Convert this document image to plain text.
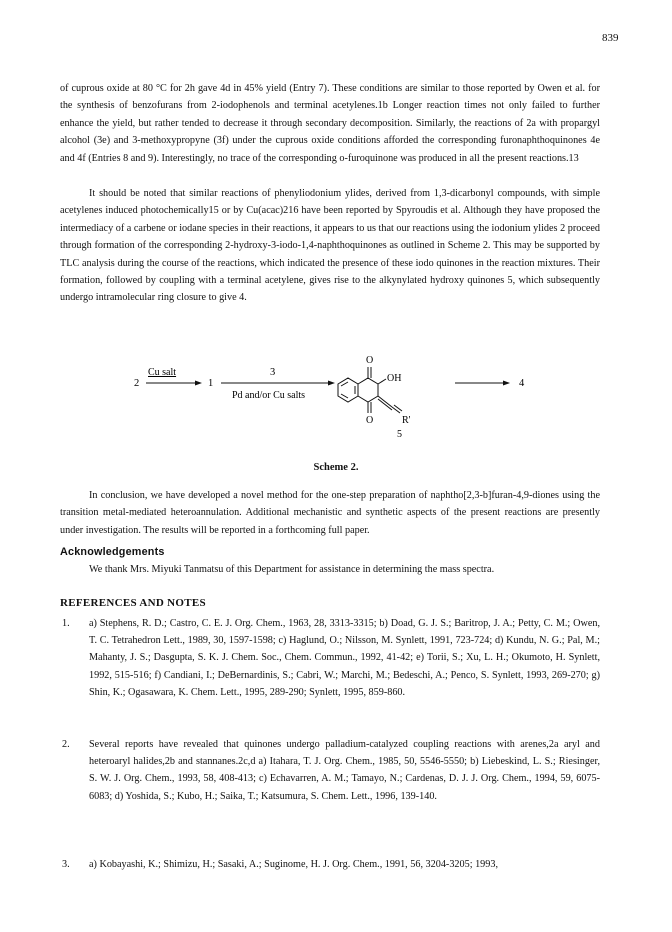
839
of cuprous oxide at 80 °C for 2h gave 4d in 45% yield (Entry 7). These conditions are similar to those reported by Owen et al. for the synthesis of benzofurans from 2-iodophenols and terminal acetylenes.1b Longer reaction times not only failed to further enhance the yield, but rather tended to decrease it through secondary decomposition. Similarly, the reactions of 2a with propargyl alcohol (3e) and 3-methoxypropyne (3f) under the cuprous oxide conditions afforded the corresponding furonaphthoquinones 4e and 4f (Entries 8 and 9). Interestingly, no trace of the corresponding o-furoquinone was produced in all the present reactions.13
It should be noted that similar reactions of phenyliodonium ylides, derived from 1,3-dicarbonyl compounds, with simple acetylenes induced photochemically15 or by Cu(acac)216 have been reported by Spyroudis et al. Although they have proposed the intermediacy of a carbene or iodane species in their reactions, it appears to us that our reactions using the iodonium ylides 2 proceed through formation of the corresponding 2-hydroxy-3-iodo-1,4-naphthoquinones as outlined in Scheme 2. This may be supported by TLC analysis during the course of the reactions, which indicated the presence of these iodo quinones in the reaction mixtures. Their formation, followed by coupling with a terminal acetylene, gives rise to the alkynylated hydroxy quinones 5, which subsequently undergo intramolecular ring closure to give 4.
2
Cu salt
1
3
Pd and/or Cu salts
O
O
OH
R'
5
4
Scheme 2.
In conclusion, we have developed a novel method for the one-step preparation of naphtho[2,3-b]furan-4,9-diones using the transition metal-mediated heteroannulation. Additional mechanistic and synthetic aspects of the present reactions are presently under investigation. The results will be reported in a forthcoming full paper.
Acknowledgements
We thank Mrs. Miyuki Tanmatsu of this Department for assistance in determining the mass spectra.
REFERENCES AND NOTES
1.	a) Stephens, R. D.; Castro, C. E. J. Org. Chem., 1963, 28, 3313-3315; b) Doad, G. J. S.; Baritrop, J. A.; Petty, C. M.; Owen, T. C. Tetrahedron Lett., 1989, 30, 1597-1598; c) Haglund, O.; Nilsson, M. Synlett, 1991, 723-724; d) Kundu, N. G.; Pal, M.; Mahanty, J. S.; Dasgupta, S. K. J. Chem. Soc., Chem. Commun., 1992, 41-42; e) Torii, S.; Xu, L. H.; Okumoto, H. Synlett, 1992, 515-516; f) Candiani, I.; DeBernardinis, S.; Cabri, W.; Marchi, M.; Bedeschi, A.; Penco, S. Synlett, 1993, 269-270; g) Shin, K.; Ogasawara, K. Chem. Lett., 1995, 289-290; Synlett, 1995, 859-860.
2.	Several reports have revealed that quinones undergo palladium-catalyzed coupling reactions with arenes,2a aryl and heteroaryl halides,2b and stannanes.2c,d a) Itahara, T. J. Org. Chem., 1985, 50, 5546-5550; b) Liebeskind, L. S.; Riesinger, S. W. J. Org. Chem., 1993, 58, 408-413; c) Echavarren, A. M.; Tamayo, N.; Cardenas, D. J. J. Org. Chem., 1994, 59, 6075-6083; d) Yoshida, S.; Kubo, H.; Saika, T.; Katsumura, S. Chem. Lett., 1996, 139-140.
3.	a) Kobayashi, K.; Shimizu, H.; Sasaki, A.; Suginome, H. J. Org. Chem., 1991, 56, 3204-3205; 1993,
